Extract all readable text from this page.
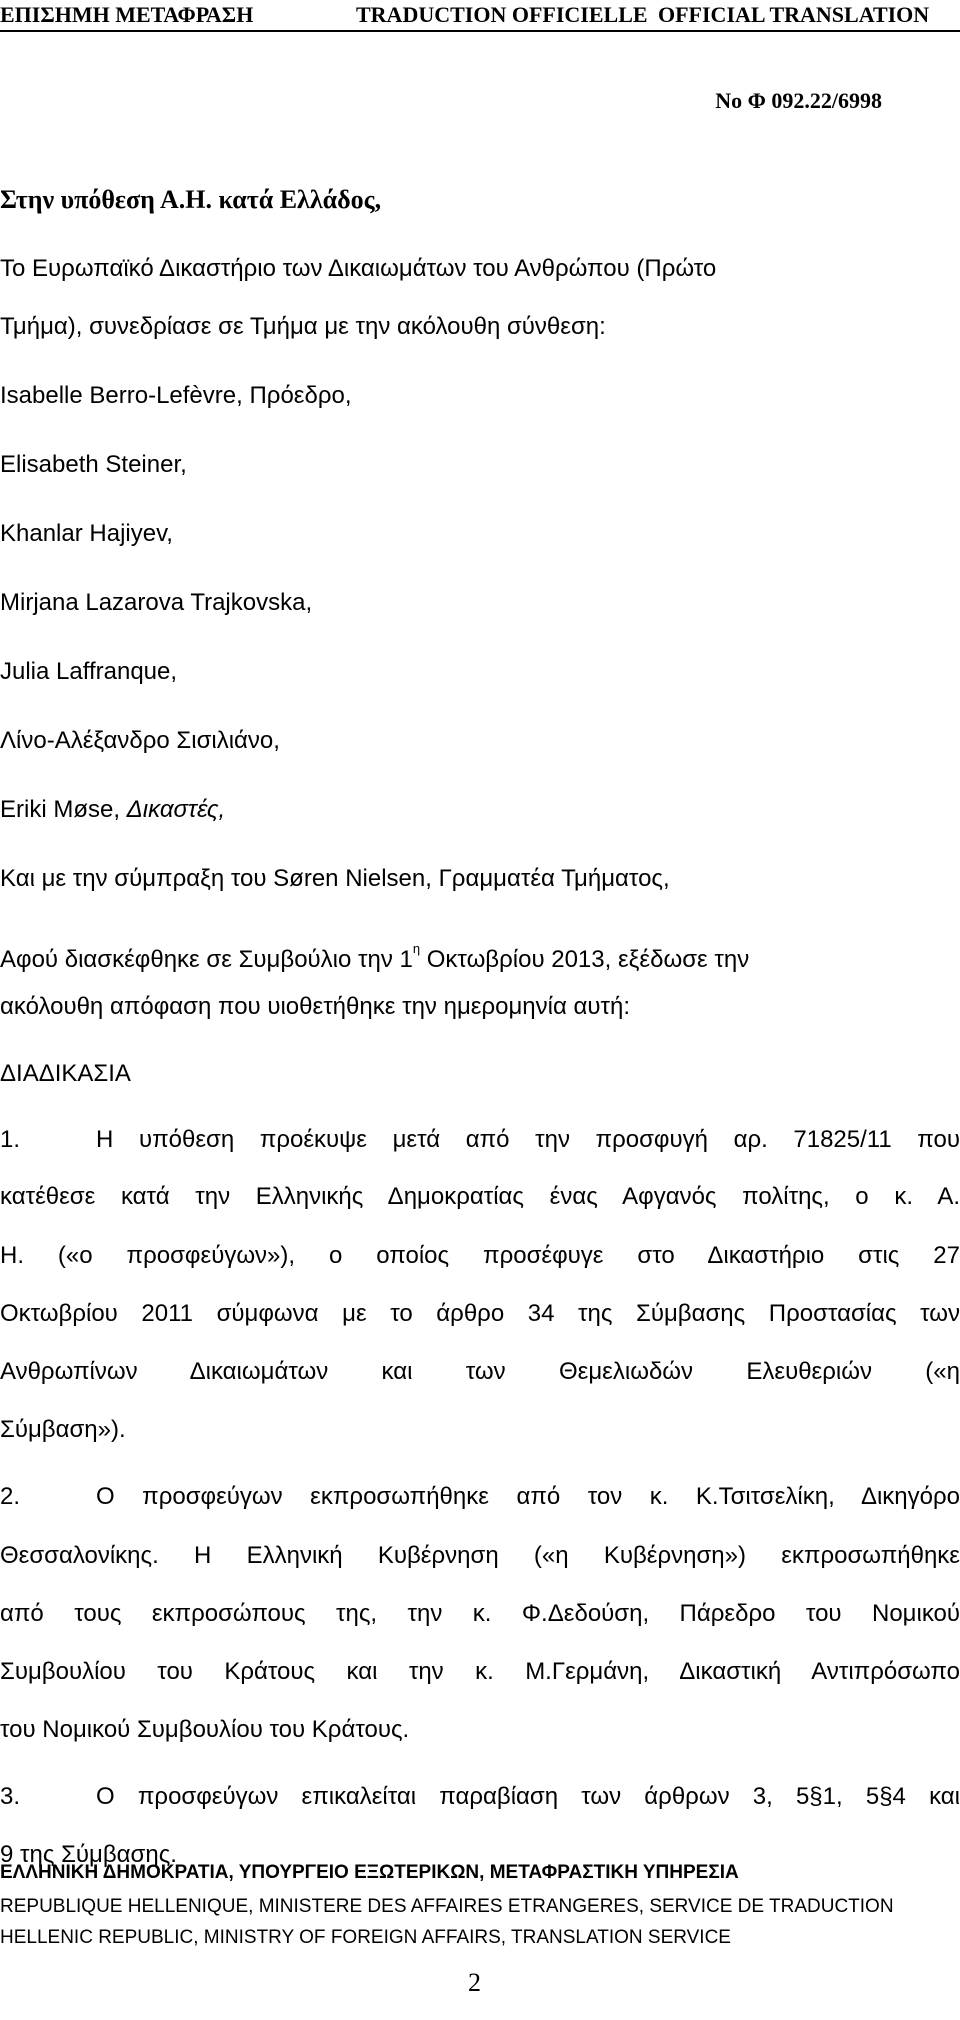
ΕΠΙΣΗΜΗ ΜΕΤΑΦΡΑΣΗ	TRADUCTION OFFICIELLE OFFICIAL TRANSLATION
Νο Φ 092.22/6998
Στην υπόθεση Α.Η. κατά Ελλάδος,
Το Ευρωπαϊκό Δικαστήριο των Δικαιωμάτων του Ανθρώπου (Πρώτο
Τμήμα), συνεδρίασε σε Τμήμα με την ακόλουθη σύνθεση:
Isabelle Berro-Lefèvre, Πρόεδρο,
Elisabeth Steiner,
Khanlar Hajiyev,
Mirjana Lazarova Trajkovska,
Julia Laffranque,
Λίνο-Αλέξανδρο Σισιλιάνο,
Eriki Møse, Δικαστές,
Και με την σύμπραξη του Søren Nielsen, Γραμματέα Τμήματος,
Αφού διασκέφθηκε σε Συμβούλιο την 1$^\eta$ Οκτωβρίου 2013, εξέδωσε την
ακόλουθη απόφαση που υιοθετήθηκε την ημερομηνία αυτή:
ΔΙΑΔΙΚΑΣΙΑ
1.	Η υπόθεση προέκυψε μετά από την προσφυγή αρ. 71825/11 που
κατέθεσε κατά την Ελληνικής Δημοκρατίας ένας Αφγανός πολίτης, ο κ. Α.
Η. («ο προσφεύγων»), ο οποίος προσέφυγε στο Δικαστήριο στις 27
Οκτωβρίου 2011 σύμφωνα με το άρθρο 34 της Σύμβασης Προστασίας των
Ανθρωπίνων Δικαιωμάτων και των Θεμελιωδών Ελευθεριών («η
Σύμβαση»).
2.	Ο προσφεύγων εκπροσωπήθηκε από τον κ. Κ.Τσιτσελίκη, Δικηγόρο
Θεσσαλονίκης. Η Ελληνική Κυβέρνηση («η Κυβέρνηση») εκπροσωπήθηκε
από τους εκπροσώπους της, την κ. Φ.Δεδούση, Πάρεδρο του Νομικού
Συμβουλίου του Κράτους και την κ. Μ.Γερμάνη, Δικαστική Αντιπρόσωπο
του Νομικού Συμβουλίου του Κράτους.
3.	Ο προσφεύγων επικαλείται παραβίαση των άρθρων 3, 5§1, 5§4 και
9 της Σύμβασης.
ΕΛΛΗΝΙΚΗ ΔΗΜΟΚΡΑΤΙΑ, ΥΠΟΥΡΓΕΙΟ ΕΞΩΤΕΡΙΚΩΝ, ΜΕΤΑΦΡΑΣΤΙΚΗ ΥΠΗΡΕΣΙΑ
REPUBLIQUE HELLENIQUE, MINISTERE DES AFFAIRES ETRANGERES, SERVICE DE TRADUCTION
HELLENIC REPUBLIC, MINISTRY OF FOREIGN AFFAIRS, TRANSLATION SERVICE
2
